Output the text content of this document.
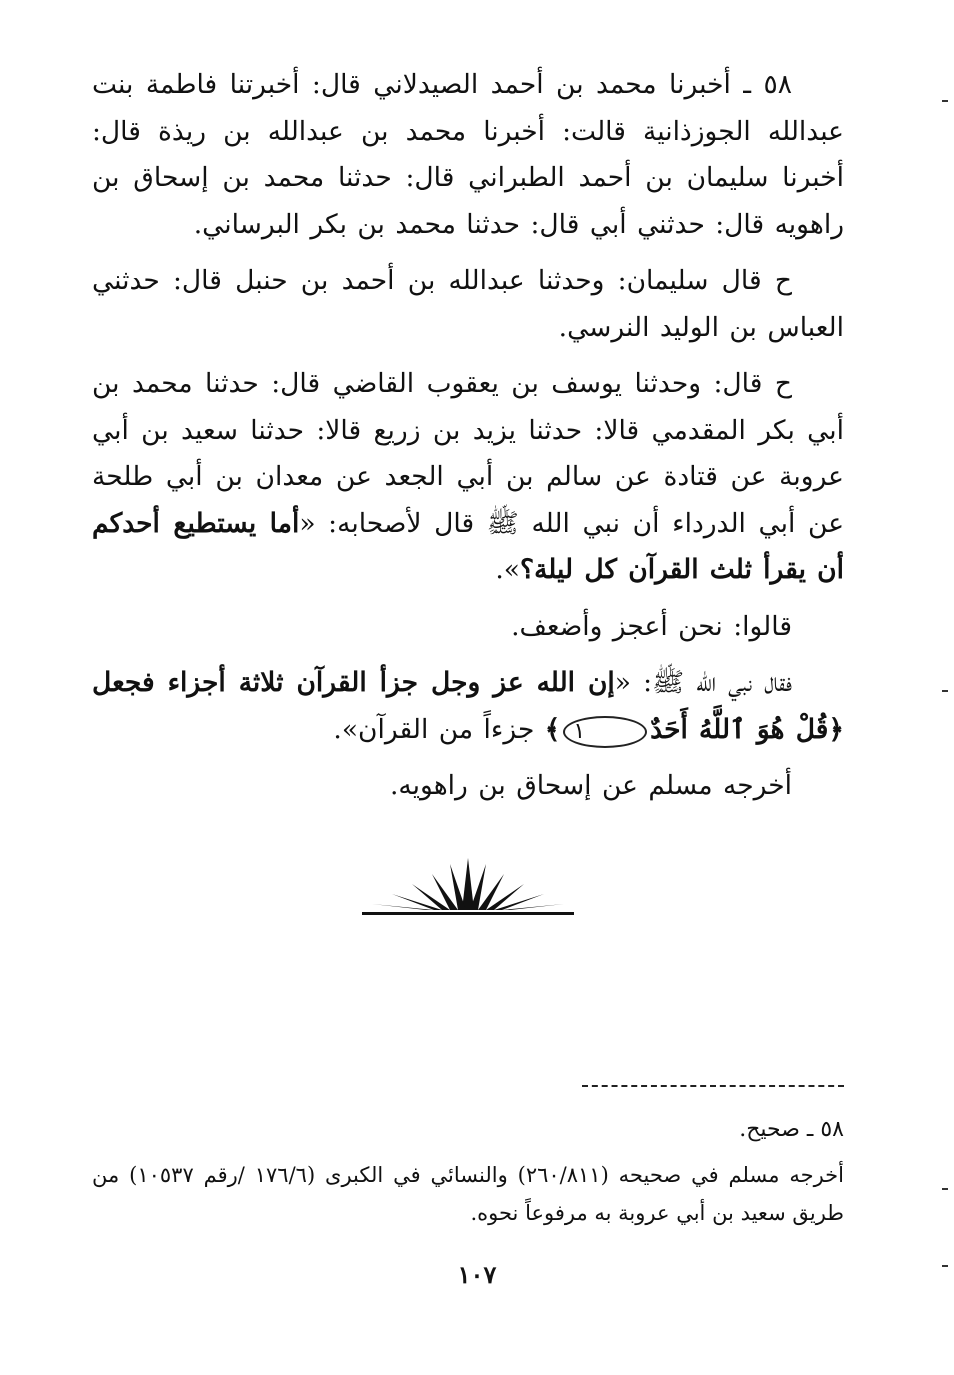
٥٨ ـ أخبرنا محمد بن أحمد الصيدلاني قال: أخبرتنا فاطمة بنت عبدالله الجوزذانية قالت: أخبرنا محمد بن عبدالله بن ريذة قال: أخبرنا سليمان بن أحمد الطبراني قال: حدثنا محمد بن إسحاق بن راهويه قال: حدثني أبي قال: حدثنا محمد بن بكر البرساني.

ح قال سليمان: وحدثنا عبدالله بن أحمد بن حنبل قال: حدثني العباس بن الوليد النرسي.

ح قال: وحدثنا يوسف بن يعقوب القاضي قال: حدثنا محمد بن أبي بكر المقدمي قالا: حدثنا يزيد بن زريع قالا: حدثنا سعيد بن أبي عروبة عن قتادة عن سالم بن أبي الجعد عن معدان بن أبي طلحة عن أبي الدرداء أن نبي الله ﷺ قال لأصحابه: «أما يستطيع أحدكم أن يقرأ ثلث القرآن كل ليلة؟».

قالوا: نحن أعجز وأضعف.

فقال نبي الله ﷺ: «إن الله عز وجل جزأ القرآن ثلاثة أجزاء فجعل ﴿قُلْ هُوَ ٱللَّهُ أَحَدٌ١﴾ جزءاً من القرآن».

أخرجه مسلم عن إسحاق بن راهويه.

٥٨ ـ صحيح.

أخرجه مسلم في صحيحه (٢٦٠/٨١١) والنسائي في الكبرى (١٧٦/٦ /رقم ١٠٥٣٧) من طريق سعيد بن أبي عروبة به مرفوعاً نحوه.

١٠٧
